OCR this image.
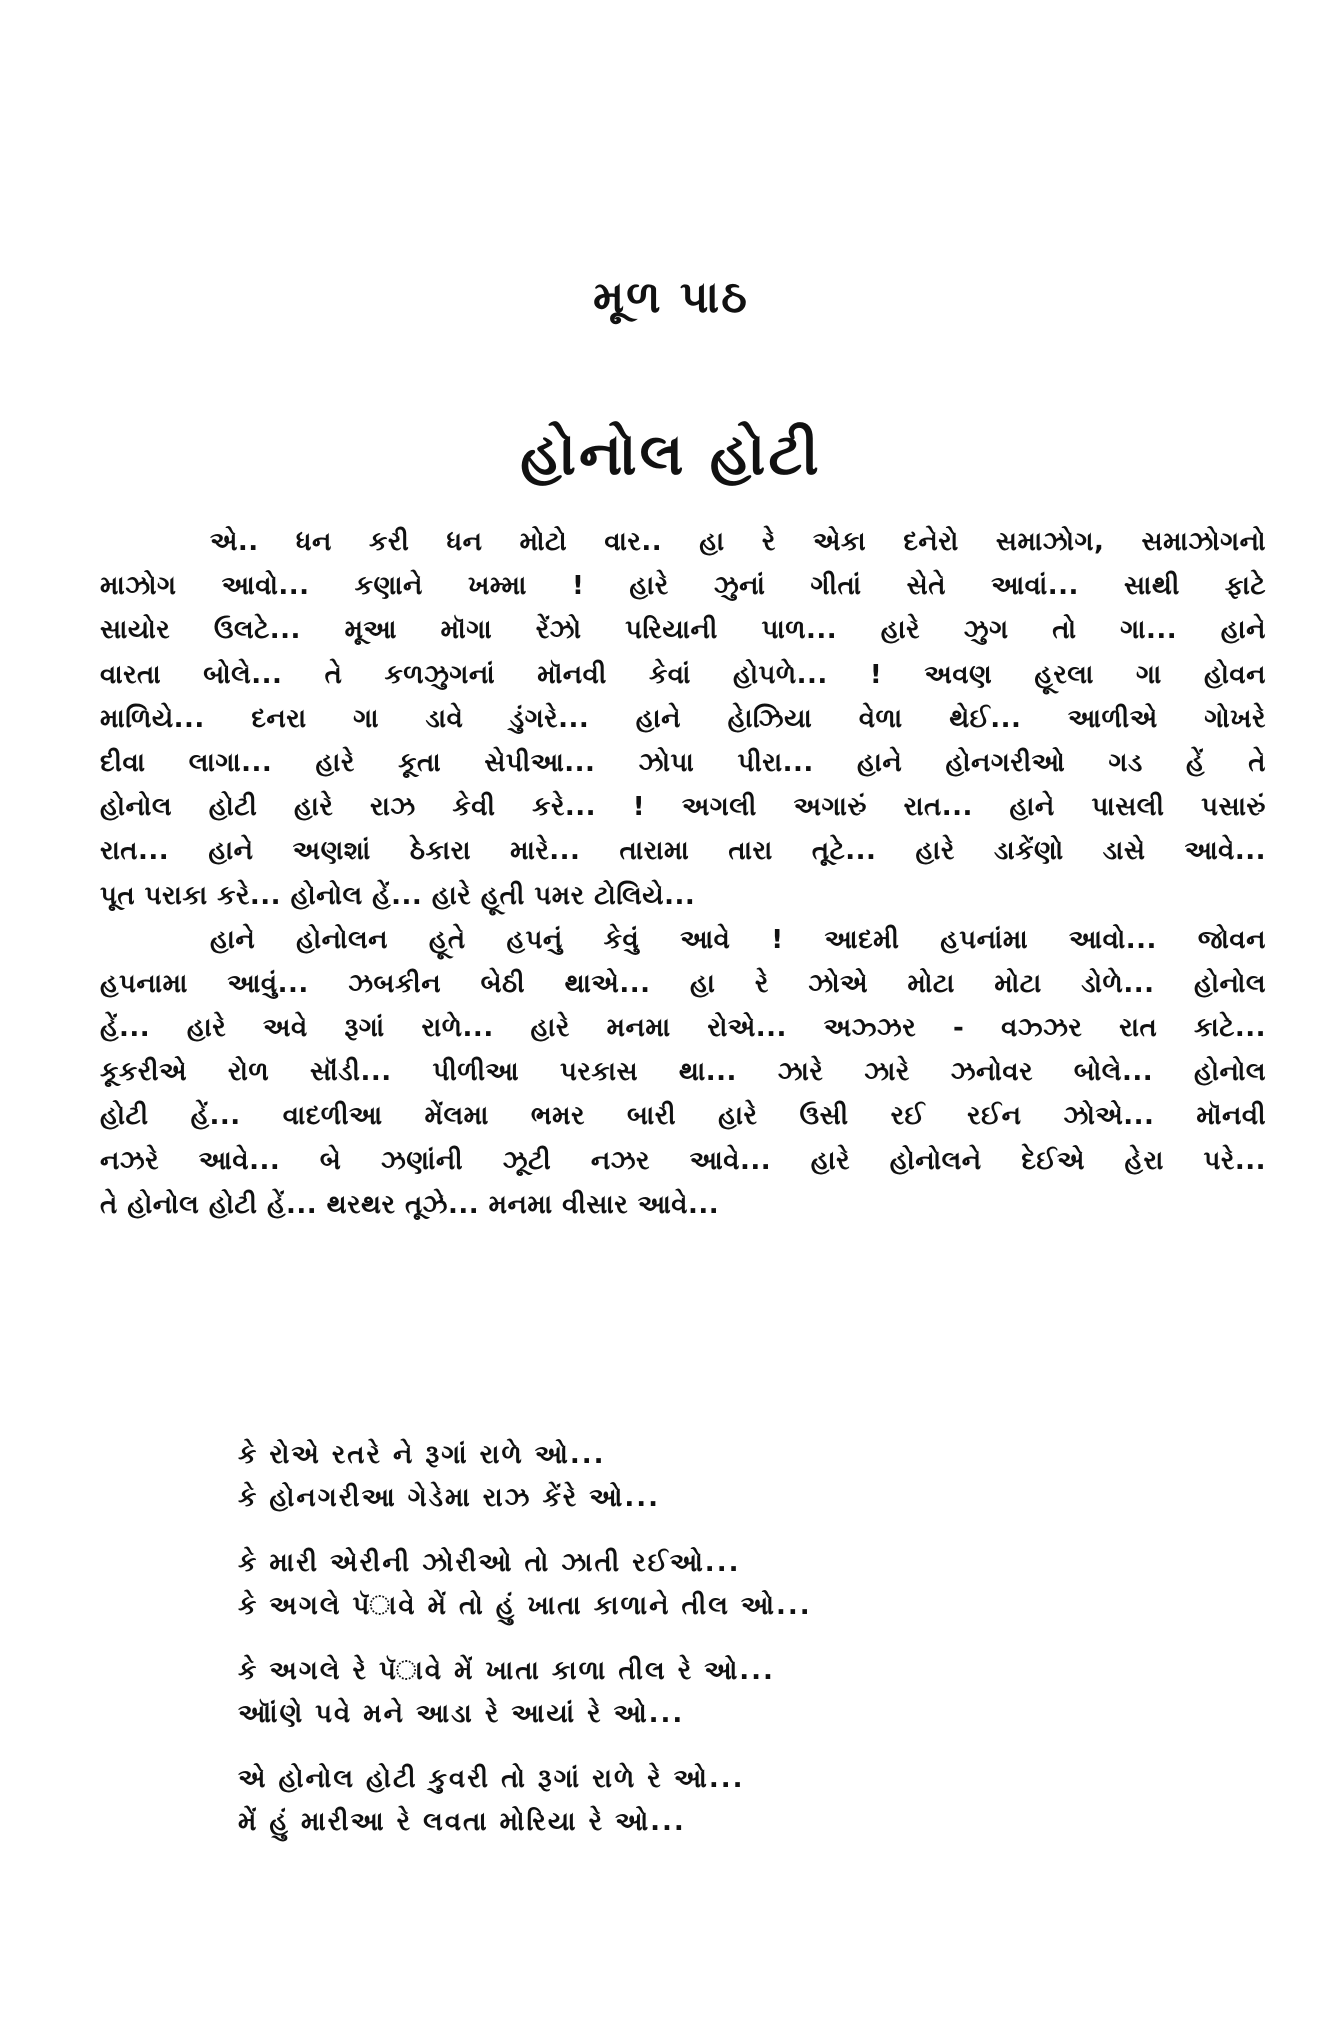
મૂળ પાઠ
હોનોલ હોટી
એ.. ધન કરી ધન મોટો વાર.. હા રે એકા દનેરો સમાઝોગ, સમાઝોગનો
માઝોગ આવો... કણાને ખમ્મા ! હારે ઝુનાં ગીતાં સેતે આવાં... સાથી ફાટે
સાયોર ઉલટે... મૂઆ મૉગા રેંઝો પરિયાની પાળ... હારે ઝુગ તો ગા... હાને
વારતા બોલે... તે કળઝુગનાં મૉનવી કેવાં હોપળે... ! અવણ હૂરલા ગા હોવન
માળિયે... દનરા ગા ડાવે ડુંગરે... હાને હેાઝિયા વેળા થેઈ... આળીએ ગોખરે
દીવા લાગા... હારે કૂતા સેપીઆ... ઝોપા પીરા... હાને હોનગરીઓ ગડ હેં તે
હોનોલ હોટી હારે રાઝ કેવી કરે... ! અગલી અગારું રાત... હાને પાસલી પસારું
રાત... હાને અણશાં ઠેકારા મારે... તારામા તારા તૂટે... હારે ડાકેંણો ડાસે આવે...
પૂત પરાકા કરે... હોનોલ હેં... હારે હૂતી પમર ટોલિયે...
હાને હોનોલન હૂતે હપનું કેવું આવે ! આદમી હપનાંમા આવો... જોવન
હપનામા આવું... ઝબકીન બેઠી થાએ... હા રે ઝોએ મોટા મોટા ડોળે... હોનોલ
હેં... હારે અવે રૂગાં રાળે... હારે મનમા રોએ... અઝ્ઝર - વઝ્ઝર રાત કાટે...
કૂકરીએ રોળ સૉંડી... પીળીઆ પરકાસ થા... ઝારે ઝારે ઝનોવર બોલે... હોનોલ
હોટી હેં... વાદળીઆ મેંલમા ભમર બારી હારે ઉસી રઈ રઈન ઝોએ... મૉનવી
નઝરે આવે... બે ઝણાંની ઝૂટી નઝર આવે... હારે હોનોલને દેઈએ હેરા પરે...
તે હોનોલ હોટી હેં... થરથર તૂઝે... મનમા વીસાર આવે...
કે રોએ રતરે ને રૂગાં રાળે ઓ...
કે હોનગરીઆ ગેડેમા રાઝ કેંરે ઓ...
કે મારી એરીની ઝોરીઓ તો ઝાતી રઈઓ...
કે અગલે પૅાવે મેં તો હું ખાતા કાળાને તીલ ઓ...
કે અગલે રે પૅાવે મેં ખાતા કાળા તીલ રે ઓ...
ઑાંણે પવે મને આડા રે આયાં રે ઓ...
એ હોનોલ હોટી કુવરી તો રૂગાં રાળે રે ઓ...
મેં હું મારીઆ રે લવતા મોરિયા રે ઓ...
